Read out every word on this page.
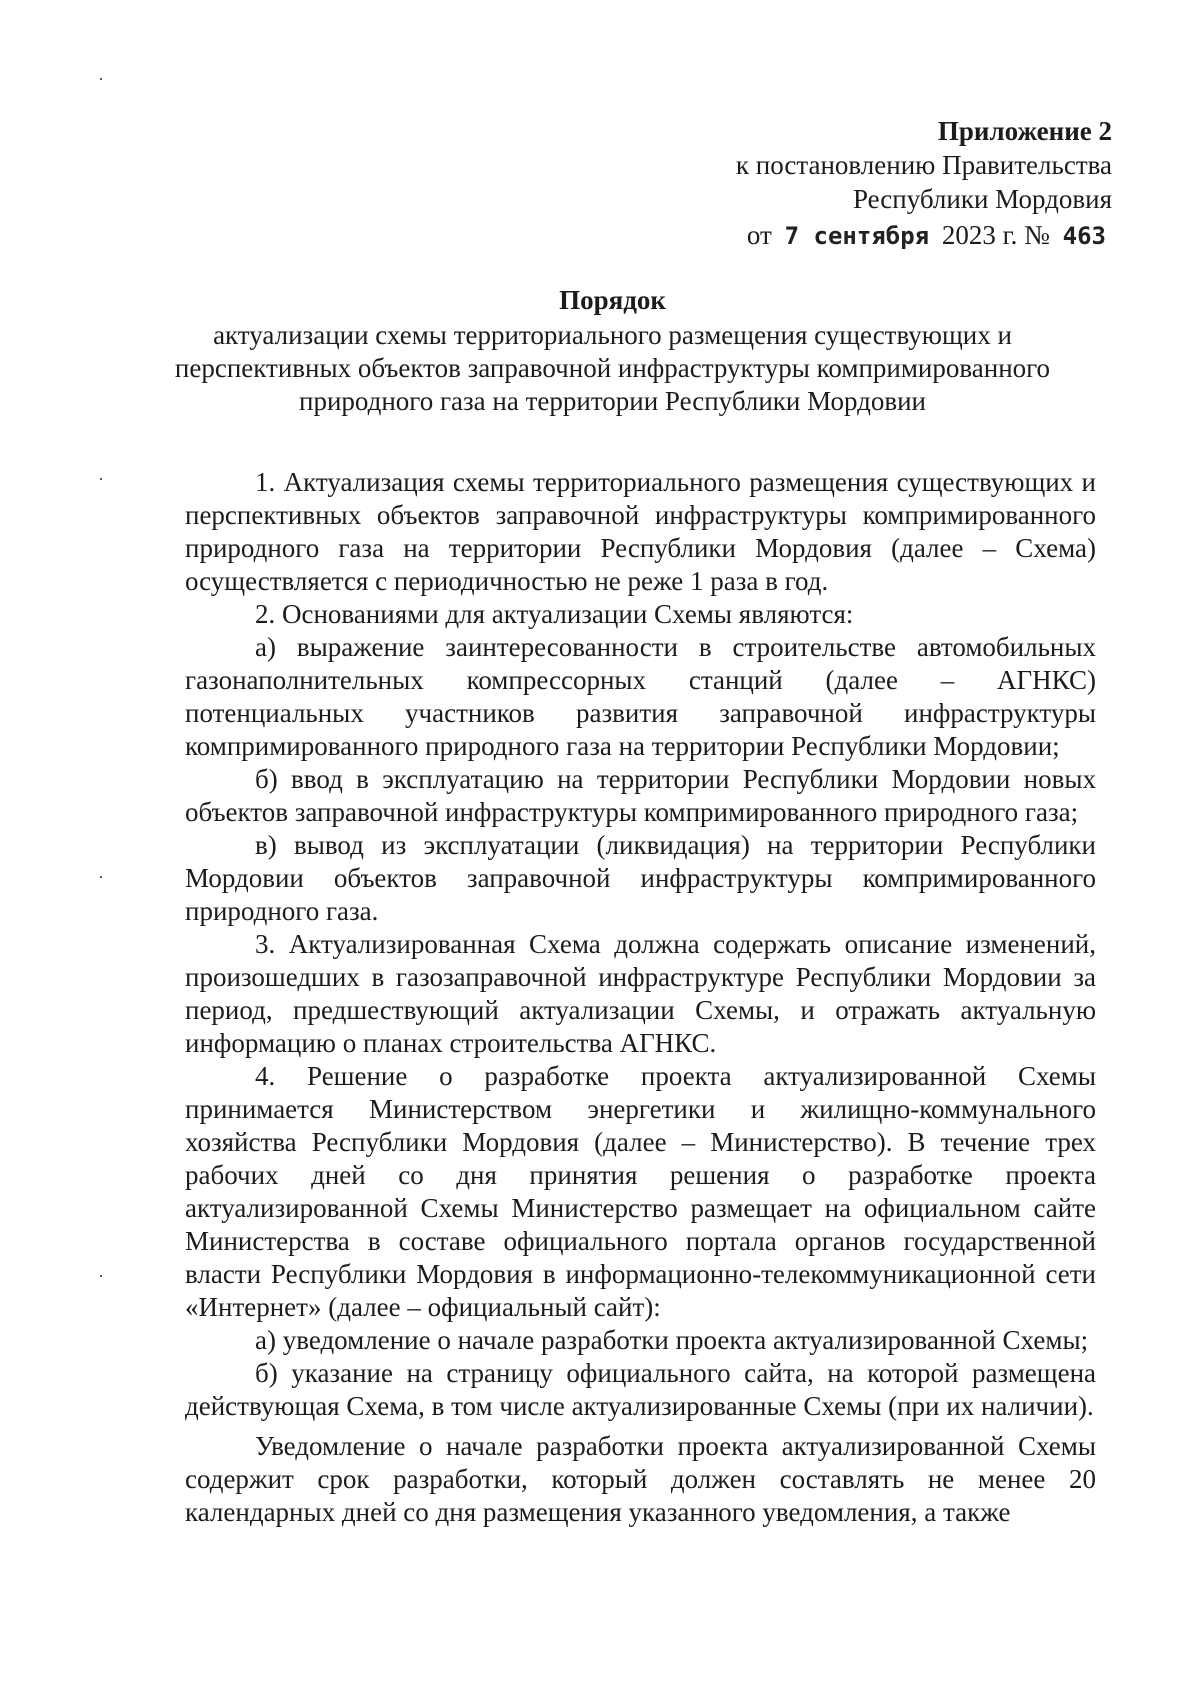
Приложение 2
к постановлению Правительства
Республики Мордовия
от 7 сентября 2023 г. № 463
Порядок
актуализации схемы территориального размещения существующих и перспективных объектов заправочной инфраструктуры компримированного природного газа на территории Республики Мордовии

1. Актуализация схемы территориального размещения существующих и перспективных объектов заправочной инфраструктуры компримированного природного газа на территории Республики Мордовия (далее – Схема) осуществляется с периодичностью не реже 1 раза в год.

2. Основаниями для актуализации Схемы являются:

а) выражение заинтересованности в строительстве автомобильных газонаполнительных компрессорных станций (далее – АГНКС) потенциальных участников развития заправочной инфраструктуры компримированного природного газа на территории Республики Мордовии;

б) ввод в эксплуатацию на территории Республики Мордовии новых объектов заправочной инфраструктуры компримированного природного газа;

в) вывод из эксплуатации (ликвидация) на территории Республики Мордовии объектов заправочной инфраструктуры компримированного природного газа.

3. Актуализированная Схема должна содержать описание изменений, произошедших в газозаправочной инфраструктуре Республики Мордовии за период, предшествующий актуализации Схемы, и отражать актуальную информацию о планах строительства АГНКС.

4. Решение о разработке проекта актуализированной Схемы принимается Министерством энергетики и жилищно-коммунального хозяйства Республики Мордовия (далее – Министерство). В течение трех рабочих дней со дня принятия решения о разработке проекта актуализированной Схемы Министерство размещает на официальном сайте Министерства в составе официального портала органов государственной власти Республики Мордовия в информационно-телекоммуникационной сети «Интернет» (далее – официальный сайт):

а) уведомление о начале разработки проекта актуализированной Схемы;

б) указание на страницу официального сайта, на которой размещена действующая Схема, в том числе актуализированные Схемы (при их наличии).

Уведомление о начале разработки проекта актуализированной Схемы содержит срок разработки, который должен составлять не менее 20 календарных дней со дня размещения указанного уведомления, а также
